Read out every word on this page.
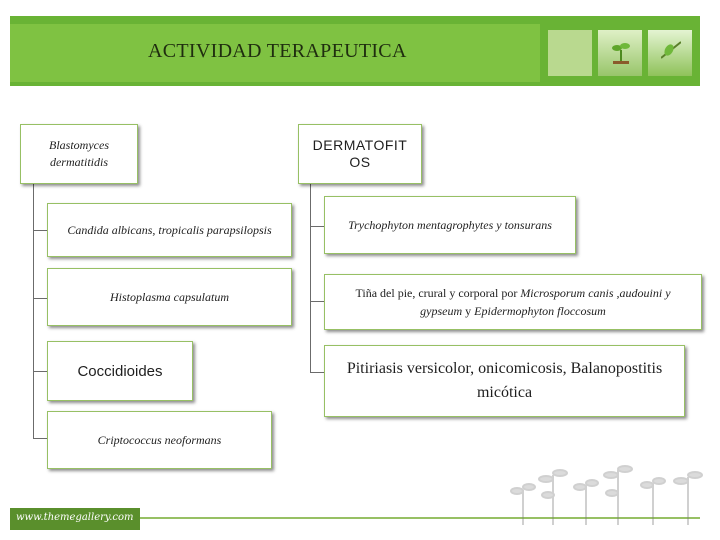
ACTIVIDAD TERAPEUTICA
Blastomyces dermatitidis
Candida albicans, tropicalis parapsilopsis
Histoplasma capsulatum
Coccidioides
Criptococcus neoformans
DERMATOFIT OS
Trychophyton mentagrophytes y tonsurans
Tiña del pie, crural y corporal por Microsporum canis ,audouini y gypseum y Epidermophyton floccosum
Pitiriasis versicolor, onicomicosis, Balanopostitis micótica
www.themegallery.com
